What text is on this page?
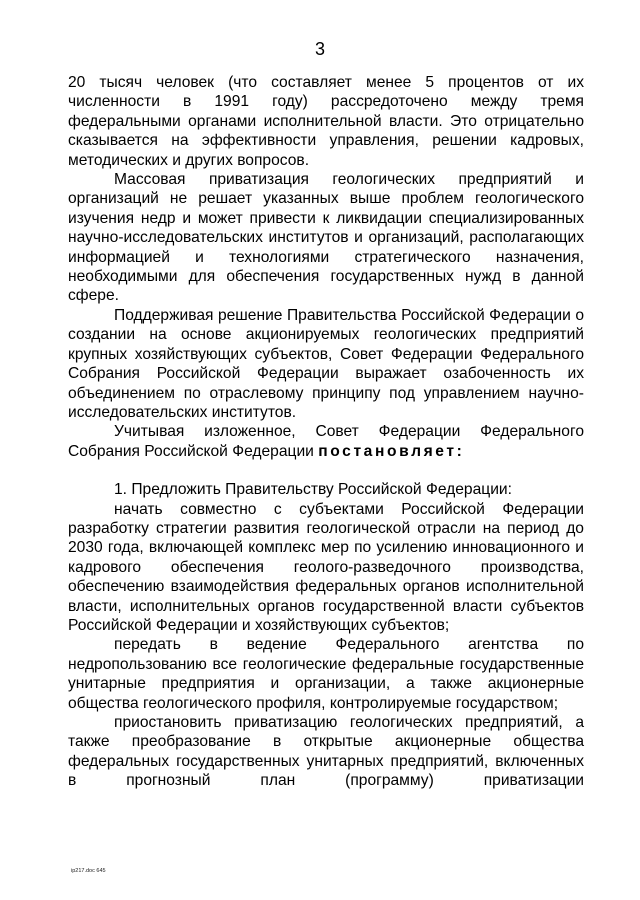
3

20 тысяч человек (что составляет менее 5 процентов от их численности в 1991 году) рассредоточено между тремя федеральными органами исполнительной власти. Это отрицательно сказывается на эффективности управления, решении кадровых, методических и других вопросов.

Массовая приватизация геологических предприятий и организаций не решает указанных выше проблем геологического изучения недр и может привести к ликвидации специализированных научно-исследовательских институтов и организаций, располагающих информацией и технологиями стратегического назначения, необходимыми для обеспечения государственных нужд в данной сфере.

Поддерживая решение Правительства Российской Федерации о создании на основе акционируемых геологических предприятий крупных хозяйствующих субъектов, Совет Федерации Федерального Собрания Российской Федерации выражает озабоченность их объединением по отраслевому принципу под управлением научно-исследовательских институтов.

Учитывая изложенное, Совет Федерации Федерального Собрания Российской Федерации постановляет:

1. Предложить Правительству Российской Федерации:

начать совместно с субъектами Российской Федерации разработку стратегии развития геологической отрасли на период до 2030 года, включающей комплекс мер по усилению инновационного и кадрового обеспечения геолого-разведочного производства, обеспечению взаимодействия федеральных органов исполнительной власти, исполнительных органов государственной власти субъектов Российской Федерации и хозяйствующих субъектов;

передать в ведение Федерального агентства по недропользованию все геологические федеральные государственные унитарные предприятия и организации, а также акционерные общества геологического профиля, контролируемые государством;

приостановить приватизацию геологических предприятий, а также преобразование в открытые акционерные общества федеральных государственных унитарных предприятий, включенных в прогнозный план (программу) приватизации

ip217.doc 645
